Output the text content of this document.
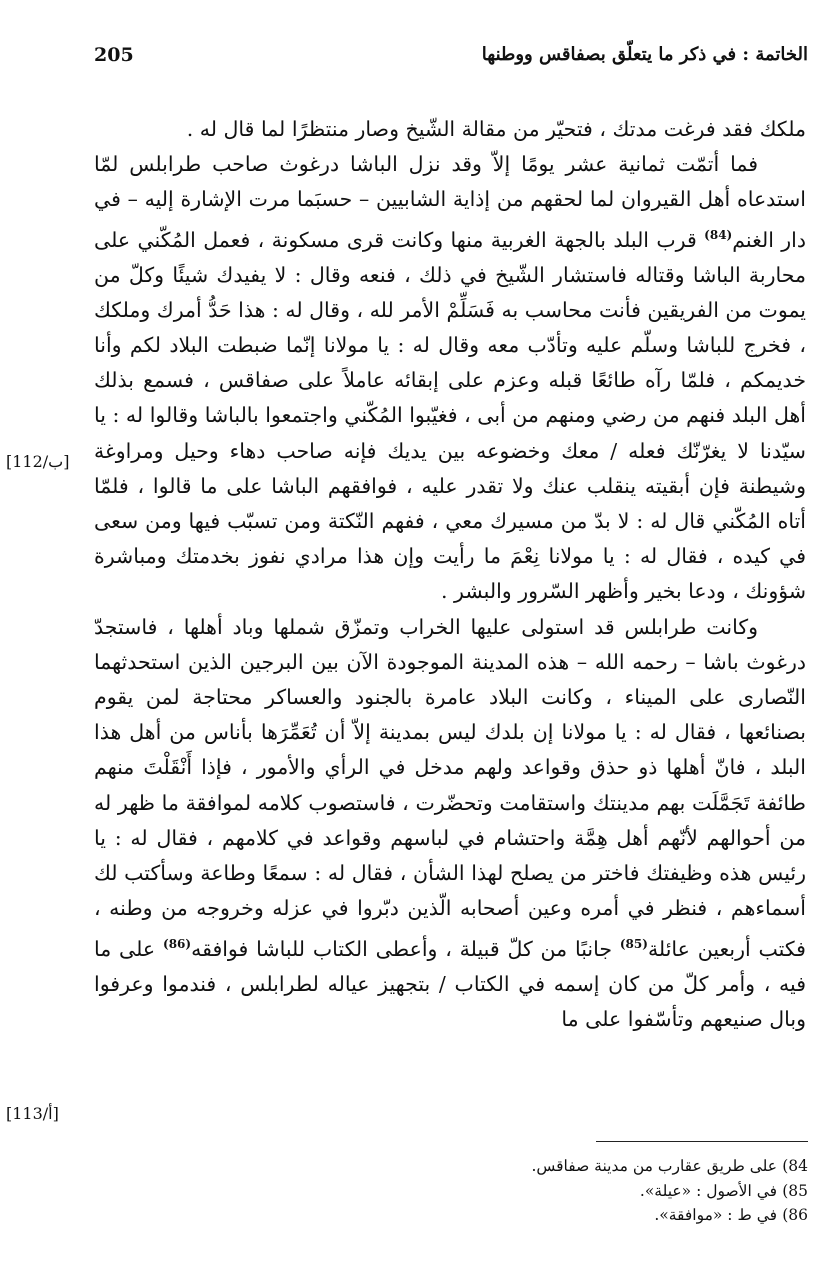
205	الخاتمة : في ذكر ما يتعلّق بصفاقس ووطنها

ملكك فقد فرغت مدتك ، فتحيّر من مقالة الشّيخ وصار منتظرًا لما قال له .

فما أتمّت ثمانية عشر يومًا إلاّ وقد نزل الباشا درغوث صاحب طرابلس لمّا استدعاه أهل القيروان لما لحقهم من إذاية الشابيين – حسبَما مرت الإشارة إليه – في دار الغنم$^{(84)}$ قرب البلد بالجهة الغربية منها وكانت قرى مسكونة ، فعمل المُكّني على محاربة الباشا وقتاله فاستشار الشّيخ في ذلك ، فنعه وقال : لا يفيدك شيئًا وكلّ من يموت من الفريقين فأنت محاسب به فَسَلِّمْ الأمر لله ، وقال له : هذا حَدُّ أمرك وملكك ، فخرج للباشا وسلّم عليه وتأدّب معه وقال له : يا مولانا إنّما ضبطت البلاد لكم وأنا خديمكم ، فلمّا رآه طائعًا قبله وعزم على إبقائه عاملاً على صفاقس ، فسمع بذلك أهل البلد فنهم من رضي ومنهم من أبى ، فغيّبوا المُكّني واجتمعوا بالباشا وقالوا له : يا سيّدنا لا يغرّنّك فعله / معك وخضوعه بين يديك فإنه صاحب دهاء وحيل ومراوغة وشيطنة فإن أبقيته ينقلب عنك ولا تقدر عليه ، فوافقهم الباشا على ما قالوا ، فلمّا أتاه المُكّني قال له : لا بدّ من مسيرك معي ، ففهم النّكتة ومن تسبّب فيها ومن سعى في كيده ، فقال له : يا مولانا نِعْمَ ما رأيت وإن هذا مرادي نفوز بخدمتك ومباشرة شؤونك ، ودعا بخير وأظهر السّرور والبشر .

وكانت طرابلس قد استولى عليها الخراب وتمزّق شملها وباد أهلها ، فاستجدّ درغوث باشا – رحمه الله – هذه المدينة الموجودة الآن بين البرجين الذين استحدثهما النّصارى على الميناء ، وكانت البلاد عامرة بالجنود والعساكر محتاجة لمن يقوم بصنائعها ، فقال له : يا مولانا إن بلدك ليس بمدينة إلاّ أن تُعَمِّرَها بأناس من أهل هذا البلد ، فانّ أهلها ذو حذق وقواعد ولهم مدخل في الرأي والأمور ، فإذا أَنْقَلْتَ منهم طائفة تَجَمَّلَت بهم مدينتك واستقامت وتحضّرت ، فاستصوب كلامه لموافقة ما ظهر له من أحوالهم لأنّهم أهل هِمَّة واحتشام في لباسهم وقواعد في كلامهم ، فقال له : يا رئيس هذه وظيفتك فاختر من يصلح لهذا الشأن ، فقال له : سمعًا وطاعة وسأكتب لك أسماءهم ، فنظر في أمره وعين أصحابه الّذين دبّروا في عزله وخروجه من وطنه ، فكتب أربعين عائلة$^{(85)}$ جانبًا من كلّ قبيلة ، وأعطى الكتاب للباشا فوافقه$^{(86)}$ على ما فيه ، وأمر كلّ من كان إسمه في الكتاب / بتجهيز عياله لطرابلس ، فندموا وعرفوا وبال صنيعهم وتأسّفوا على ما

[112/ب]
[113/أ]
84) على طريق عقارب من مدينة صفاقس.
85) في الأصول : «عيلة».
86) في ط : «موافقة».
